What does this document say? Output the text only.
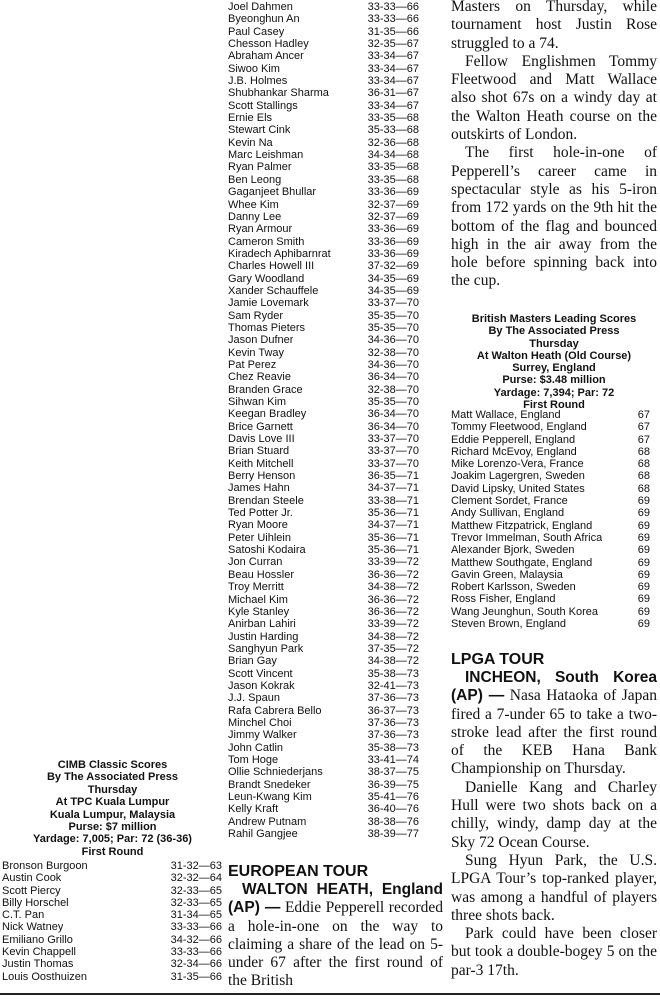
CIMB Classic Scores
By The Associated Press
Thursday
At TPC Kuala Lumpur
Kuala Lumpur, Malaysia
Purse: $7 million
Yardage: 7,005; Par: 72 (36-36)
First Round
Bronson Burgoon	31-32—63
Austin Cook	32-32—64
Scott Piercy	32-33—65
Billy Horschel	32-33—65
C.T. Pan	31-34—65
Nick Watney	33-33—66
Emiliano Grillo	34-32—66
Kevin Chappell	33-33—66
Justin Thomas	32-34—66
Louis Oosthuizen	31-35—66
Joel Dahmen	33-33—66
Byeonghun An	33-33—66
Paul Casey	31-35—66
Chesson Hadley	32-35—67
Abraham Ancer	33-34—67
Siwoo Kim	33-34—67
J.B. Holmes	33-34—67
Shubhankar Sharma	36-31—67
Scott Stallings	33-34—67
Ernie Els	33-35—68
Stewart Cink	35-33—68
Kevin Na	32-36—68
Marc Leishman	34-34—68
Ryan Palmer	33-35—68
Ben Leong	33-35—68
Gaganjeet Bhullar	33-36—69
Whee Kim	32-37—69
Danny Lee	32-37—69
Ryan Armour	33-36—69
Cameron Smith	33-36—69
Kiradech Aphibarnrat	33-36—69
Charles Howell III	37-32—69
Gary Woodland	34-35—69
Xander Schauffele	34-35—69
Jamie Lovemark	33-37—70
Sam Ryder	35-35—70
Thomas Pieters	35-35—70
Jason Dufner	34-36—70
Kevin Tway	32-38—70
Pat Perez	34-36—70
Chez Reavie	36-34—70
Branden Grace	32-38—70
Sihwan Kim	35-35—70
Keegan Bradley	36-34—70
Brice Garnett	36-34—70
Davis Love III	33-37—70
Brian Stuard	33-37—70
Keith Mitchell	33-37—70
Berry Henson	36-35—71
James Hahn	34-37—71
Brendan Steele	33-38—71
Ted Potter Jr.	35-36—71
Ryan Moore	34-37—71
Peter Uihlein	35-36—71
Satoshi Kodaira	35-36—71
Jon Curran	33-39—72
Beau Hossler	36-36—72
Troy Merritt	34-38—72
Michael Kim	36-36—72
Kyle Stanley	36-36—72
Anirban Lahiri	33-39—72
Justin Harding	34-38—72
Sanghyun Park	37-35—72
Brian Gay	34-38—72
Scott Vincent	35-38—73
Jason Kokrak	32-41—73
J.J. Spaun	37-36—73
Rafa Cabrera Bello	36-37—73
Minchel Choi	37-36—73
Jimmy Walker	37-36—73
John Catlin	35-38—73
Tom Hoge	33-41—74
Ollie Schniederjans	38-37—75
Brandt Snedeker	36-39—75
Leun-Kwang Kim	35-41—76
Kelly Kraft	36-40—76
Andrew Putnam	38-38—76
Rahil Gangjee	38-39—77
EUROPEAN TOUR

WALTON HEATH, England (AP) — Eddie Pepperell recorded a hole-in-one on the way to claiming a share of the lead on 5-under 67 after the first round of the British

Masters on Thursday, while tournament host Justin Rose struggled to a 74.

Fellow Englishmen Tommy Fleetwood and Matt Wallace also shot 67s on a windy day at the Walton Heath course on the outskirts of London.

The first hole-in-one of Pepperell’s career came in spectacular style as his 5-iron from 172 yards on the 9th hit the bottom of the flag and bounced high in the air away from the hole before spinning back into the cup.

British Masters Leading Scores
By The Associated Press
Thursday
At Walton Heath (Old Course)
Surrey, England
Purse: $3.48 million
Yardage: 7,394; Par: 72
First Round
Matt Wallace, England	67
Tommy Fleetwood, England	67
Eddie Pepperell, England	67
Richard McEvoy, England	68
Mike Lorenzo-Vera, France	68
Joakim Lagergren, Sweden	68
David Lipsky, United States	68
Clement Sordet, France	69
Andy Sullivan, England	69
Matthew Fitzpatrick, England	69
Trevor Immelman, South Africa	69
Alexander Bjork, Sweden	69
Matthew Southgate, England	69
Gavin Green, Malaysia	69
Robert Karlsson, Sweden	69
Ross Fisher, England	69
Wang Jeunghun, South Korea	69
Steven Brown, England	69
LPGA TOUR

INCHEON, South Korea (AP) — Nasa Hataoka of Japan fired a 7-under 65 to take a two-stroke lead after the first round of the KEB Hana Bank Championship on Thursday.

Danielle Kang and Charley Hull were two shots back on a chilly, windy, damp day at the Sky 72 Ocean Course.

Sung Hyun Park, the U.S. LPGA Tour’s top-ranked player, was among a handful of players three shots back.

Park could have been closer but took a double-bogey 5 on the par-3 17th.
